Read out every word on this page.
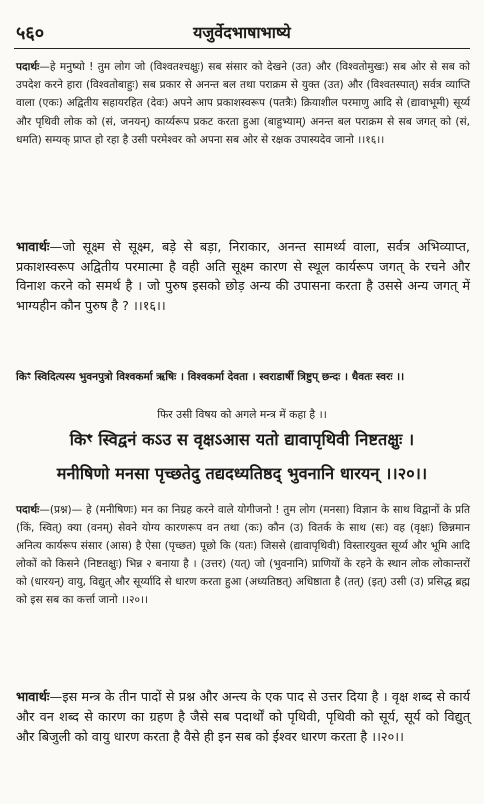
५६०	यजुर्वेदभाषाभाष्ये

पदार्थः—हे मनुष्यो ! तुम लोग जो (विश्वतश्चक्षुः) सब संसार को देखने (उत) और (विश्वतोमुखः) सब ओर से सब को उपदेश करने हारा (विश्वतोबाहुः) सब प्रकार से अनन्त बल तथा पराक्रम से युक्त (उत) और (विश्वतस्पात्) सर्वत्र व्याप्ति वाला (एकः) अद्वितीय सहायरहित (देवः) अपने आप प्रकाशस्वरूप (पतत्रैः) क्रियाशील परमाणु आदि से (द्यावाभूमी) सूर्य्य और पृथिवी लोक को (सं, जनयन्) कार्य्यरूप प्रकट करता हुआ (बाहुभ्याम्) अनन्त बल पराक्रम से सब जगत् को (सं, धमति) सम्यक् प्राप्त हो रहा है उसी परमेश्वर को अपना सब ओर से रक्षक उपास्यदेव जानो ।।१६।।

भावार्थः—जो सूक्ष्म से सूक्ष्म, बड़े से बड़ा, निराकार, अनन्त सामर्थ्य वाला, सर्वत्र अभिव्याप्त, प्रकाशस्वरूप अद्वितीय परमात्मा है वही अति सूक्ष्म कारण से स्थूल कार्यरूप जगत् के रचने और विनाश करने को समर्थ है । जो पुरुष इसको छोड़ अन्य की उपासना करता है उससे अन्य जगत् में भाग्यहीन कौन पुरुष है ? ।।१६।।

किꣳ स्विदित्यस्य भुवनपुत्रो विश्वकर्मा ऋषिः । विश्वकर्मा देवता । स्वराडार्षी त्रिष्टुप् छन्दः । धैवतः स्वरः ।।

फिर उसी विषय को अगले मन्त्र में कहा है ।।
किꣳ स्विद्वनं कऽउ स वृक्षऽआस यतो द्यावापृथिवी निष्टतक्षुः ।
मनीषिणो मनसा पृच्छतेदु तद्यदध्यतिष्ठद् भुवनानि धारयन् ।।२०।।

पदार्थः—(प्रश्न)— हे (मनीषिणः) मन का निग्रह करने वाले योगीजनो ! तुम लोग (मनसा) विज्ञान के साथ विद्वानों के प्रति (किं, स्वित्) क्या (वनम्) सेवने योग्य कारणरूप वन तथा (कः) कौन (उ) वितर्क के साथ (सः) वह (वृक्षः) छिन्नमान अनित्य कार्यरूप संसार (आस) है ऐसा (पृच्छत) पूछो कि (यतः) जिससे (द्यावापृथिवी) विस्तारयुक्त सूर्य्य और भूमि आदि लोकों को किसने (निष्टतक्षुः) भिन्न २ बनाया है । (उत्तर) (यत्) जो (भुवनानि) प्राणियों के रहने के स्थान लोक लोकान्तरों को (धारयन्) वायु, विद्युत् और सूर्य्यादि से धारण करता हुआ (अध्यतिष्ठत्) अधिष्ठाता है (तत्) (इत्) उसी (उ) प्रसिद्ध ब्रह्म को इस सब का कर्त्ता जानो ।।२०।।

भावार्थः—इस मन्त्र के तीन पादों से प्रश्न और अन्त्य के एक पाद से उत्तर दिया है । वृक्ष शब्द से कार्य और वन शब्द से कारण का ग्रहण है जैसे सब पदार्थों को पृथिवी, पृथिवी को सूर्य, सूर्य को विद्युत् और बिजुली को वायु धारण करता है वैसे ही इन सब को ईश्वर धारण करता है ।।२०।।
